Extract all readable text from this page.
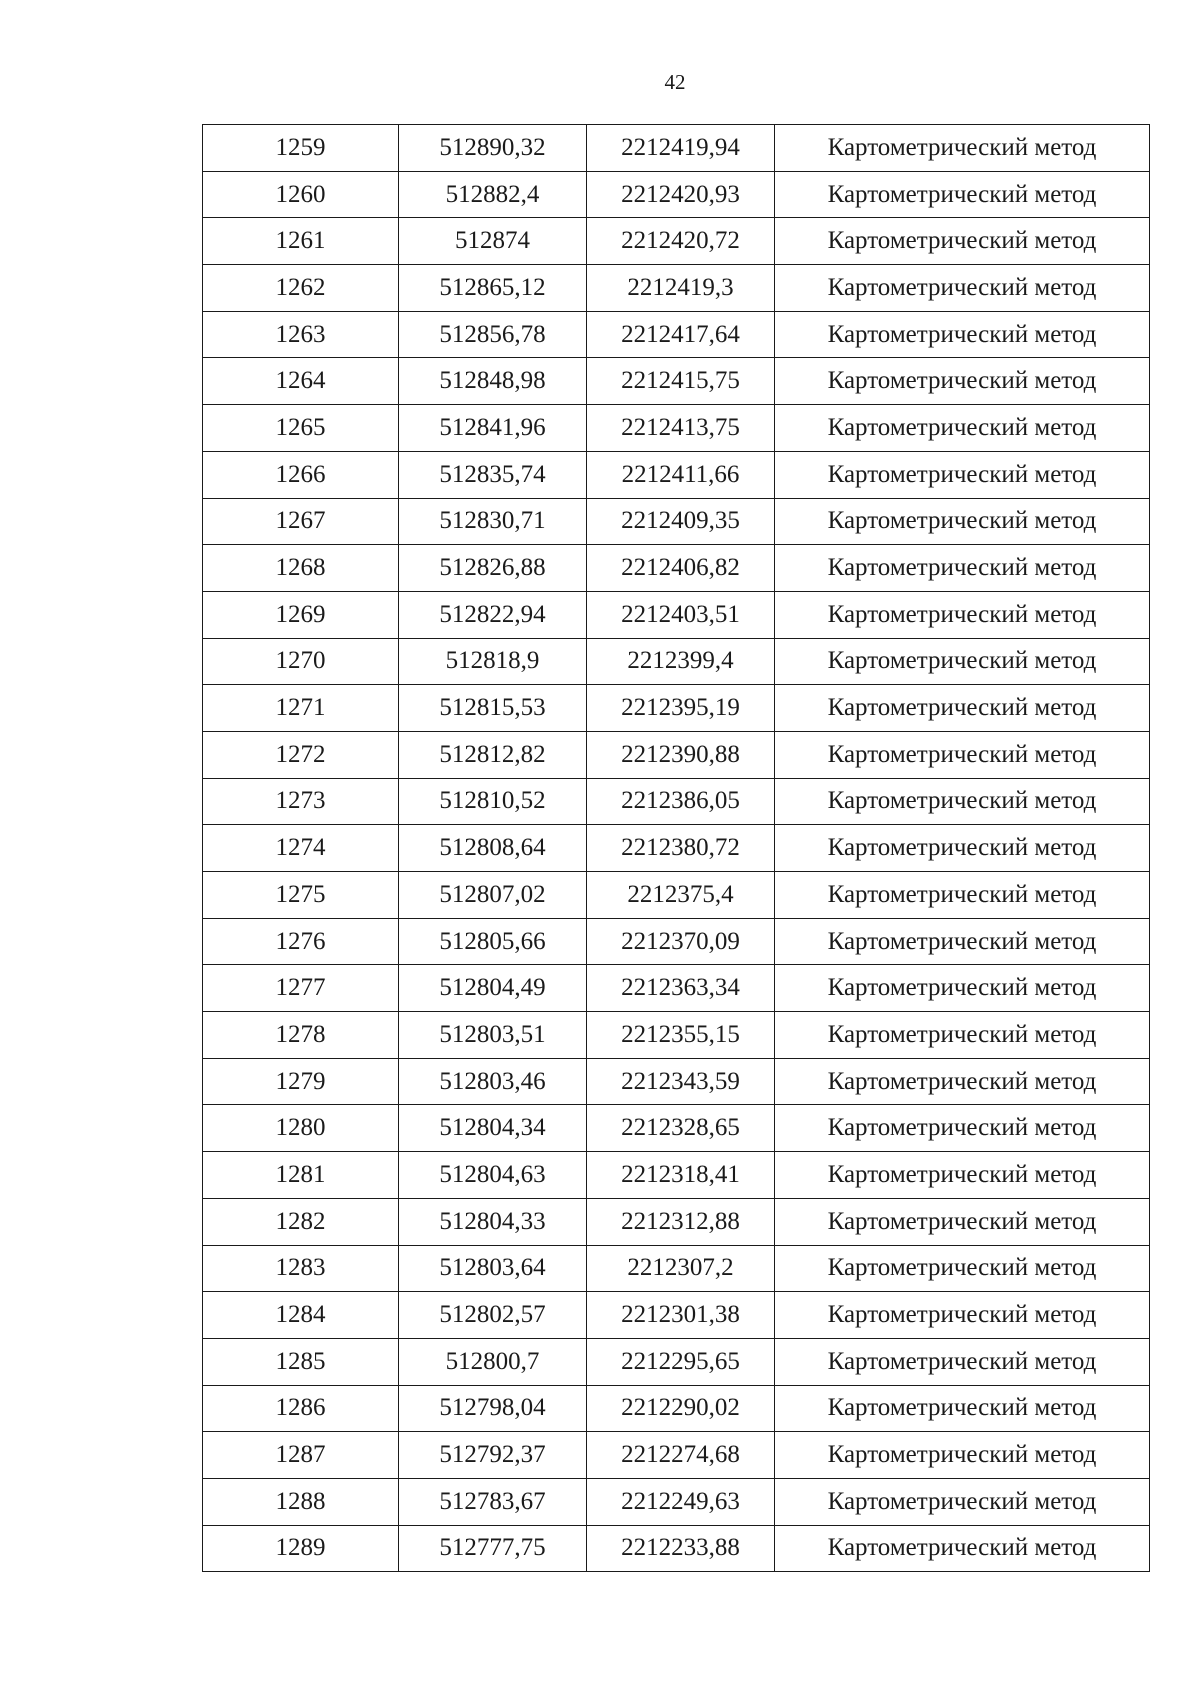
42
1259	512890,32	2212419,94	Картометрический метод
1260	512882,4	2212420,93	Картометрический метод
1261	512874	2212420,72	Картометрический метод
1262	512865,12	2212419,3	Картометрический метод
1263	512856,78	2212417,64	Картометрический метод
1264	512848,98	2212415,75	Картометрический метод
1265	512841,96	2212413,75	Картометрический метод
1266	512835,74	2212411,66	Картометрический метод
1267	512830,71	2212409,35	Картометрический метод
1268	512826,88	2212406,82	Картометрический метод
1269	512822,94	2212403,51	Картометрический метод
1270	512818,9	2212399,4	Картометрический метод
1271	512815,53	2212395,19	Картометрический метод
1272	512812,82	2212390,88	Картометрический метод
1273	512810,52	2212386,05	Картометрический метод
1274	512808,64	2212380,72	Картометрический метод
1275	512807,02	2212375,4	Картометрический метод
1276	512805,66	2212370,09	Картометрический метод
1277	512804,49	2212363,34	Картометрический метод
1278	512803,51	2212355,15	Картометрический метод
1279	512803,46	2212343,59	Картометрический метод
1280	512804,34	2212328,65	Картометрический метод
1281	512804,63	2212318,41	Картометрический метод
1282	512804,33	2212312,88	Картометрический метод
1283	512803,64	2212307,2	Картометрический метод
1284	512802,57	2212301,38	Картометрический метод
1285	512800,7	2212295,65	Картометрический метод
1286	512798,04	2212290,02	Картометрический метод
1287	512792,37	2212274,68	Картометрический метод
1288	512783,67	2212249,63	Картометрический метод
1289	512777,75	2212233,88	Картометрический метод
